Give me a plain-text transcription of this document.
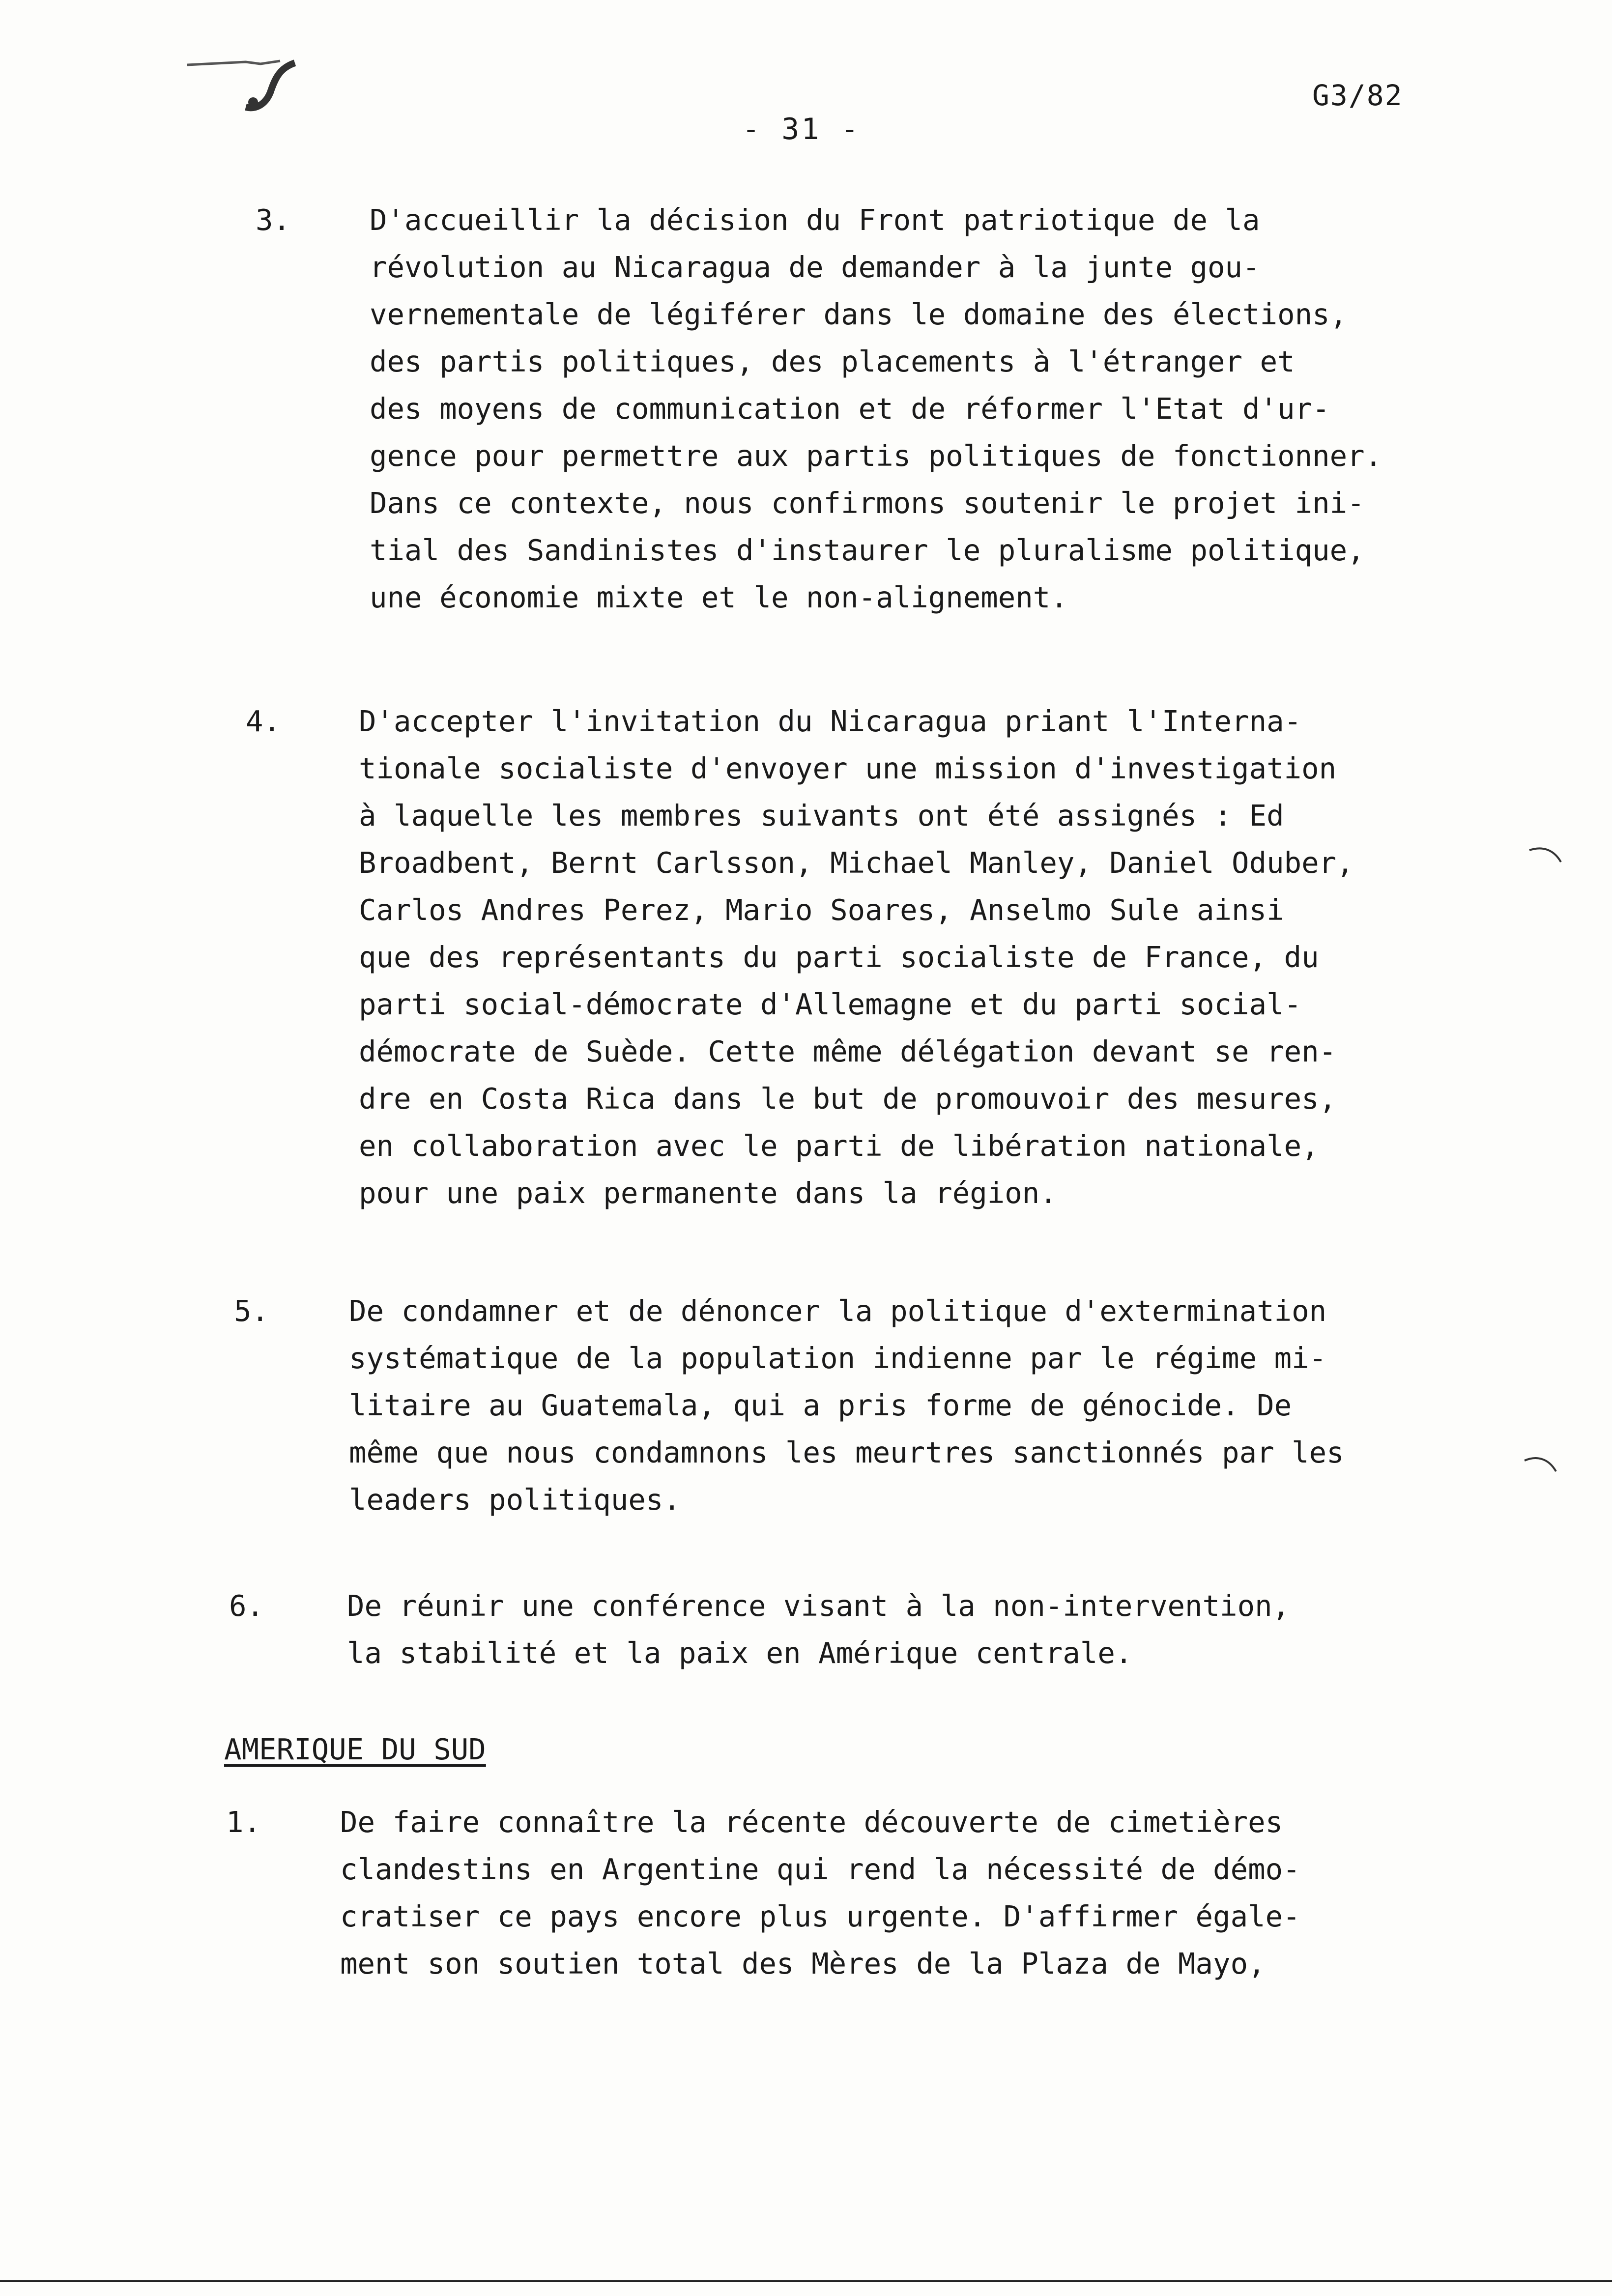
G3/82
- 31 -
3.	D'accueillir la décision du Front patriotique de la
révolution au Nicaragua de demander à la junte gou-
vernementale de légiférer dans le domaine des élections,
des partis politiques, des placements à l'étranger et
des moyens de communication et de réformer l'Etat d'ur-
gence pour permettre aux partis politiques de fonctionner.
Dans ce contexte, nous confirmons soutenir le projet ini-
tial des Sandinistes d'instaurer le pluralisme politique,
une économie mixte et le non-alignement.
4.	D'accepter l'invitation du Nicaragua priant l'Interna-
tionale socialiste d'envoyer une mission d'investigation
à laquelle les membres suivants ont été assignés : Ed
Broadbent, Bernt Carlsson, Michael Manley, Daniel Oduber,
Carlos Andres Perez, Mario Soares, Anselmo Sule ainsi
que des représentants du parti socialiste de France, du
parti social-démocrate d'Allemagne et du parti social-
démocrate de Suède. Cette même délégation devant se ren-
dre en Costa Rica dans le but de promouvoir des mesures,
en collaboration avec le parti de libération nationale,
pour une paix permanente dans la région.
5.	De condamner et de dénoncer la politique d'extermination
systématique de la population indienne par le régime mi-
litaire au Guatemala, qui a pris forme de génocide. De
même que nous condamnons les meurtres sanctionnés par les
leaders politiques.
6.	De réunir une conférence visant à la non-intervention,
la stabilité et la paix en Amérique centrale.
AMERIQUE DU SUD
1.	De faire connaître la récente découverte de cimetières
clandestins en Argentine qui rend la nécessité de démo-
cratiser ce pays encore plus urgente. D'affirmer égale-
ment son soutien total des Mères de la Plaza de Mayo,
